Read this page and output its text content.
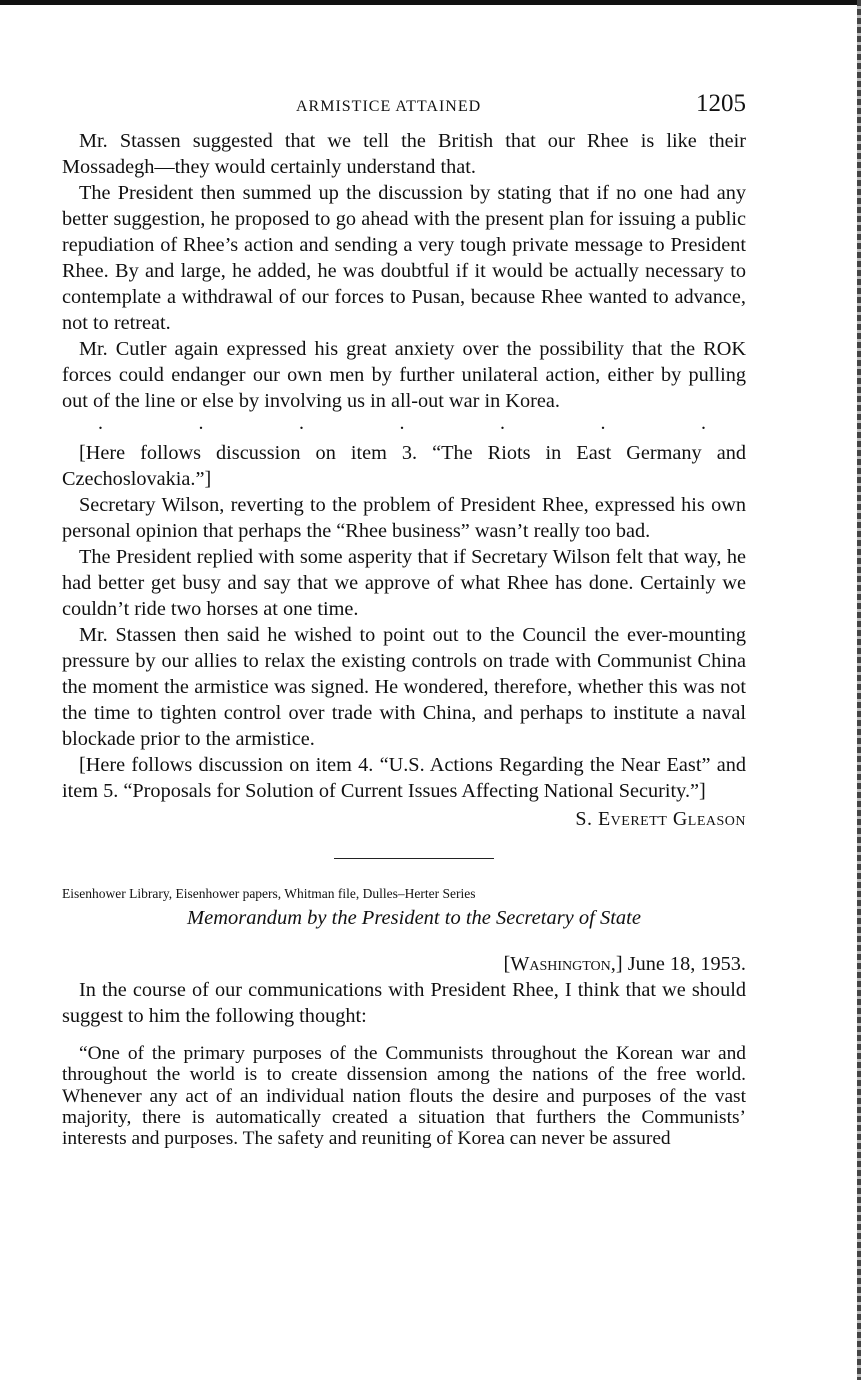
ARMISTICE ATTAINED	1205

Mr. Stassen suggested that we tell the British that our Rhee is like their Mossadegh—they would certainly understand that.

The President then summed up the discussion by stating that if no one had any better suggestion, he proposed to go ahead with the present plan for issuing a public repudiation of Rhee’s action and sending a very tough private message to President Rhee. By and large, he added, he was doubtful if it would be actually necessary to contemplate a withdrawal of our forces to Pusan, because Rhee wanted to advance, not to retreat.

Mr. Cutler again expressed his great anxiety over the possibility that the ROK forces could endanger our own men by further unilateral action, either by pulling out of the line or else by involving us in all-out war in Korea.

.	.	.	.	.	.	.

[Here follows discussion on item 3. “The Riots in East Germany and Czechoslovakia.”]

Secretary Wilson, reverting to the problem of President Rhee, expressed his own personal opinion that perhaps the “Rhee business” wasn’t really too bad.

The President replied with some asperity that if Secretary Wilson felt that way, he had better get busy and say that we approve of what Rhee has done. Certainly we couldn’t ride two horses at one time.

Mr. Stassen then said he wished to point out to the Council the ever-mounting pressure by our allies to relax the existing controls on trade with Communist China the moment the armistice was signed. He wondered, therefore, whether this was not the time to tighten control over trade with China, and perhaps to institute a naval blockade prior to the armistice.

[Here follows discussion on item 4. “U.S. Actions Regarding the Near East” and item 5. “Proposals for Solution of Current Issues Affecting National Security.”]

S. Everett Gleason
Eisenhower Library, Eisenhower papers, Whitman file, Dulles–Herter Series
Memorandum by the President to the Secretary of State
[Washington,] June 18, 1953.

In the course of our communications with President Rhee, I think that we should suggest to him the following thought:

“One of the primary purposes of the Communists throughout the Korean war and throughout the world is to create dissension among the nations of the free world. Whenever any act of an individual nation flouts the desire and purposes of the vast majority, there is automatically created a situation that furthers the Communists’ interests and purposes. The safety and reuniting of Korea can never be assured
